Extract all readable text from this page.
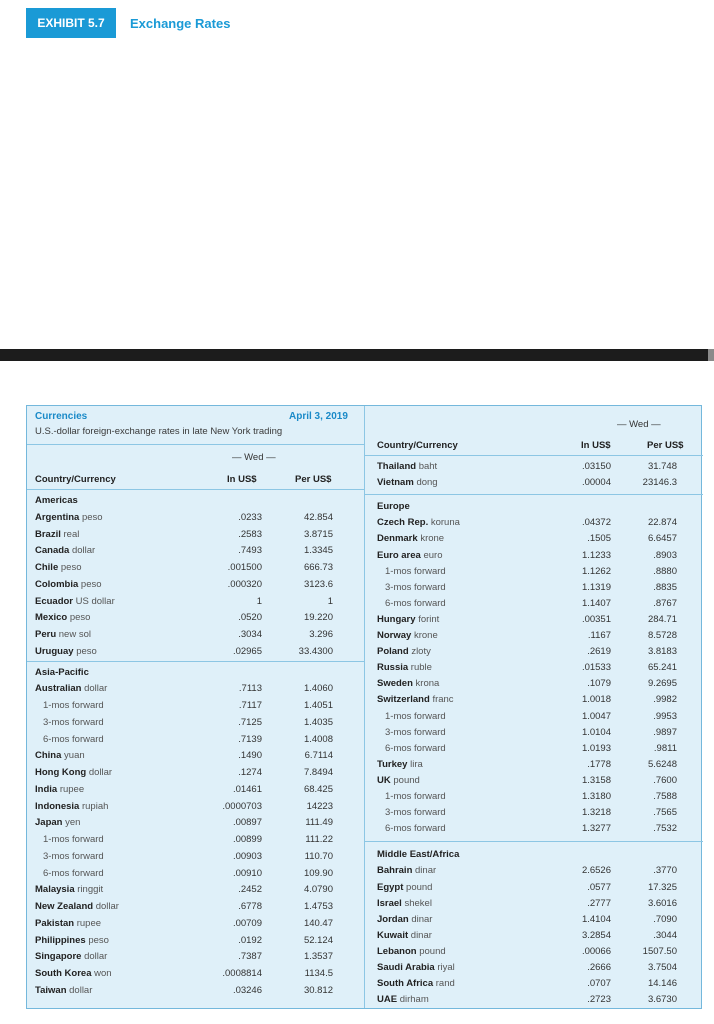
EXHIBIT 5.7	Exchange Rates
Currencies	April 3, 2019
U.S.-dollar foreign-exchange rates in late New York trading
— Wed —
Country/Currency	In US$	Per US$
Americas
Argentina peso	.0233	42.854
Brazil real	.2583	3.8715
Canada dollar	.7493	1.3345
Chile peso	.001500	666.73
Colombia peso	.000320	3123.6
Ecuador US dollar	1	1
Mexico peso	.0520	19.220
Peru new sol	.3034	3.296
Uruguay peso	.02965	33.4300
Asia-Pacific
Australian dollar	.7113	1.4060
1-mos forward	.7117	1.4051
3-mos forward	.7125	1.4035
6-mos forward	.7139	1.4008
China yuan	.1490	6.7114
Hong Kong dollar	.1274	7.8494
India rupee	.01461	68.425
Indonesia rupiah	.0000703	14223
Japan yen	.00897	111.49
1-mos forward	.00899	111.22
3-mos forward	.00903	110.70
6-mos forward	.00910	109.90
Malaysia ringgit	.2452	4.0790
New Zealand dollar	.6778	1.4753
Pakistan rupee	.00709	140.47
Philippines peso	.0192	52.124
Singapore dollar	.7387	1.3537
South Korea won	.0008814	1134.5
Taiwan dollar	.03246	30.812
— Wed —
Country/Currency	In US$	Per US$
Thailand baht	.03150	31.748
Vietnam dong	.00004	23146.3
Europe
Czech Rep. koruna	.04372	22.874
Denmark krone	.1505	6.6457
Euro area euro	1.1233	.8903
1-mos forward	1.1262	.8880
3-mos forward	1.1319	.8835
6-mos forward	1.1407	.8767
Hungary forint	.00351	284.71
Norway krone	.1167	8.5728
Poland zloty	.2619	3.8183
Russia ruble	.01533	65.241
Sweden krona	.1079	9.2695
Switzerland franc	1.0018	.9982
1-mos forward	1.0047	.9953
3-mos forward	1.0104	.9897
6-mos forward	1.0193	.9811
Turkey lira	.1778	5.6248
UK pound	1.3158	.7600
1-mos forward	1.3180	.7588
3-mos forward	1.3218	.7565
6-mos forward	1.3277	.7532
Middle East/Africa
Bahrain dinar	2.6526	.3770
Egypt pound	.0577	17.325
Israel shekel	.2777	3.6016
Jordan dinar	1.4104	.7090
Kuwait dinar	3.2854	.3044
Lebanon pound	.00066	1507.50
Saudi Arabia riyal	.2666	3.7504
South Africa rand	.0707	14.146
UAE dirham	.2723	3.6730
